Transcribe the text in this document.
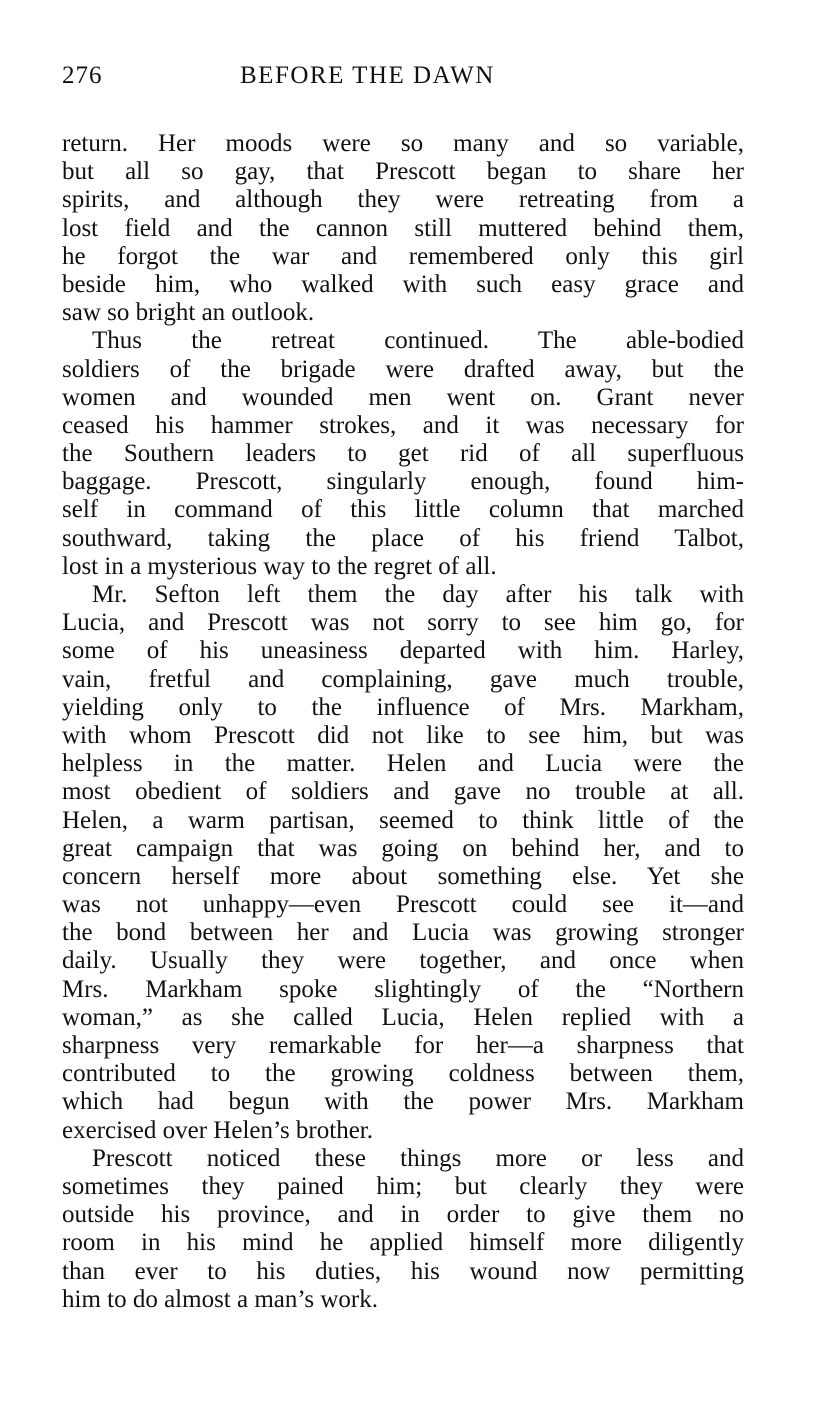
276	BEFORE THE DAWN
return. Her moods were so many and so variable,
but all so gay, that Prescott began to share her
spirits, and although they were retreating from a
lost field and the cannon still muttered behind them,
he forgot the war and remembered only this girl
beside him, who walked with such easy grace and
saw so bright an outlook.
Thus the retreat continued. The able-bodied
soldiers of the brigade were drafted away, but the
women and wounded men went on. Grant never
ceased his hammer strokes, and it was necessary for
the Southern leaders to get rid of all superfluous
baggage. Prescott, singularly enough, found him-
self in command of this little column that marched
southward, taking the place of his friend Talbot,
lost in a mysterious way to the regret of all.
Mr. Sefton left them the day after his talk with
Lucia, and Prescott was not sorry to see him go, for
some of his uneasiness departed with him. Harley,
vain, fretful and complaining, gave much trouble,
yielding only to the influence of Mrs. Markham,
with whom Prescott did not like to see him, but was
helpless in the matter. Helen and Lucia were the
most obedient of soldiers and gave no trouble at all.
Helen, a warm partisan, seemed to think little of the
great campaign that was going on behind her, and to
concern herself more about something else. Yet she
was not unhappy—even Prescott could see it—and
the bond between her and Lucia was growing stronger
daily. Usually they were together, and once when
Mrs. Markham spoke slightingly of the “Northern
woman,” as she called Lucia, Helen replied with a
sharpness very remarkable for her—a sharpness that
contributed to the growing coldness between them,
which had begun with the power Mrs. Markham
exercised over Helen’s brother.
Prescott noticed these things more or less and
sometimes they pained him; but clearly they were
outside his province, and in order to give them no
room in his mind he applied himself more diligently
than ever to his duties, his wound now permitting
him to do almost a man’s work.
